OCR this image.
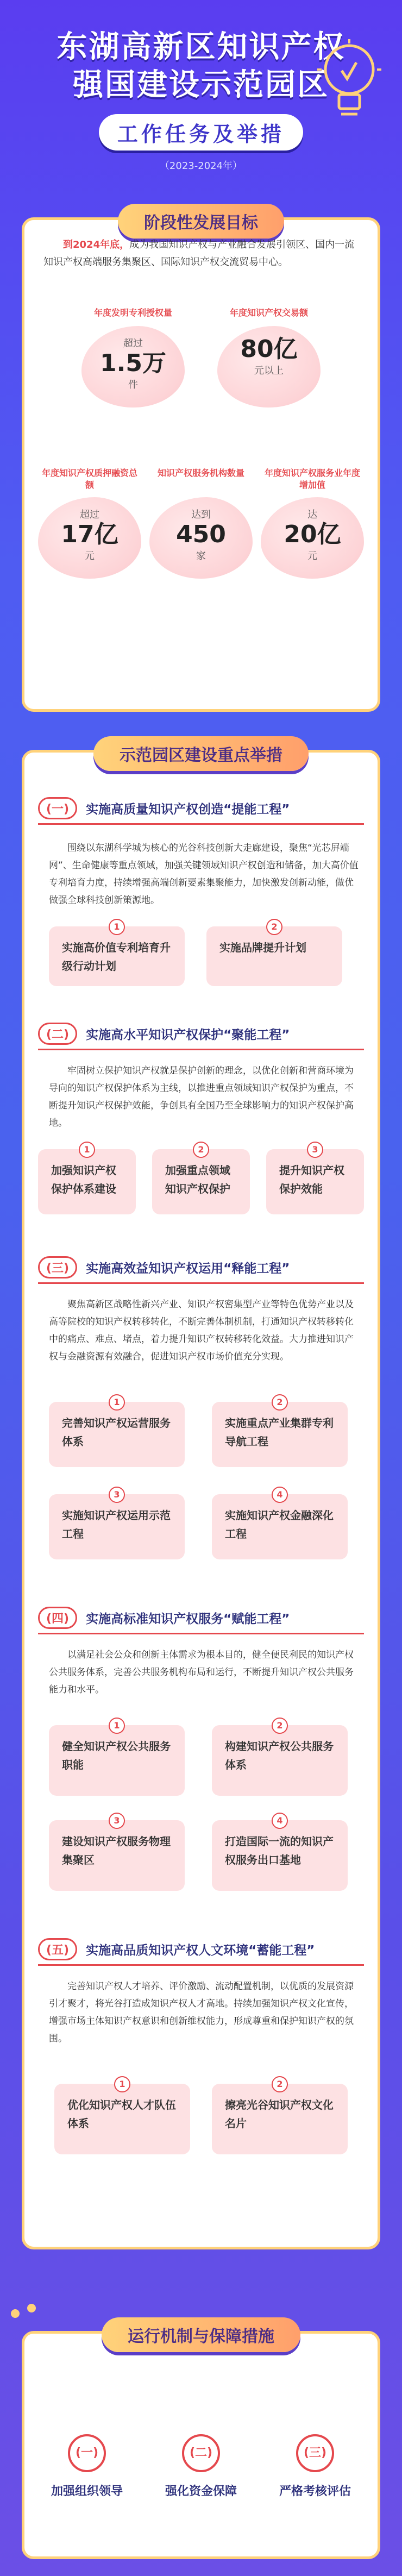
东湖高新区知识产权
强国建设示范园区
工作任务及举措
（2023-2024年）
阶段性发展目标
到2024年底，成为我国知识产权与产业融合发展引领区、国内一流知识产权高端服务集聚区、国际知识产权交流贸易中心。
年度发明专利授权量
超过
1.5万
件
年度知识产权交易额
80亿
元以上
年度知识产权质押融资总额
超过
17亿
元
知识产权服务机构数量
达到
450
家
年度知识产权服务业年度增加值
达
20亿
元
示范园区建设重点举措
(一)	实施高质量知识产权创造“提能工程”
围绕以东湖科学城为核心的光谷科技创新大走廊建设，聚焦“光芯屏端网”、生命健康等重点领域，加强关键领域知识产权创造和储备，加大高价值专利培育力度，持续增强高端创新要素集聚能力，加快激发创新动能，做优做强全球科技创新策源地。
1
实施高价值专利培育升级行动计划
2
实施品牌提升计划
(二)	实施高水平知识产权保护“聚能工程”
牢固树立保护知识产权就是保护创新的理念，以优化创新和营商环境为导向的知识产权保护体系为主线，以推进重点领域知识产权保护为重点，不断提升知识产权保护效能，争创具有全国乃至全球影响力的知识产权保护高地。
1
加强知识产权保护体系建设
2
加强重点领域知识产权保护
3
提升知识产权保护效能
(三)	实施高效益知识产权运用“释能工程”
聚焦高新区战略性新兴产业、知识产权密集型产业等特色优势产业以及高等院校的知识产权转移转化，不断完善体制机制，打通知识产权转移转化中的痛点、难点、堵点，着力提升知识产权转移转化效益。大力推进知识产权与金融资源有效融合，促进知识产权市场价值充分实现。
1
完善知识产权运营服务体系
2
实施重点产业集群专利导航工程
3
实施知识产权运用示范工程
4
实施知识产权金融深化工程
(四)	实施高标准知识产权服务“赋能工程”
以满足社会公众和创新主体需求为根本目的，健全便民利民的知识产权公共服务体系，完善公共服务机构布局和运行，不断提升知识产权公共服务能力和水平。
1
健全知识产权公共服务职能
2
构建知识产权公共服务体系
3
建设知识产权服务物理集聚区
4
打造国际一流的知识产权服务出口基地
(五)	实施高品质知识产权人文环境“蓄能工程”
完善知识产权人才培养、评价激励、流动配置机制，以优质的发展资源引才聚才，将光谷打造成知识产权人才高地。持续加强知识产权文化宣传，增强市场主体知识产权意识和创新维权能力，形成尊重和保护知识产权的氛围。
1
优化知识产权人才队伍体系
2
擦亮光谷知识产权文化名片
运行机制与保障措施
(一)
加强组织领导
(二)
强化资金保障
(三)
严格考核评估
